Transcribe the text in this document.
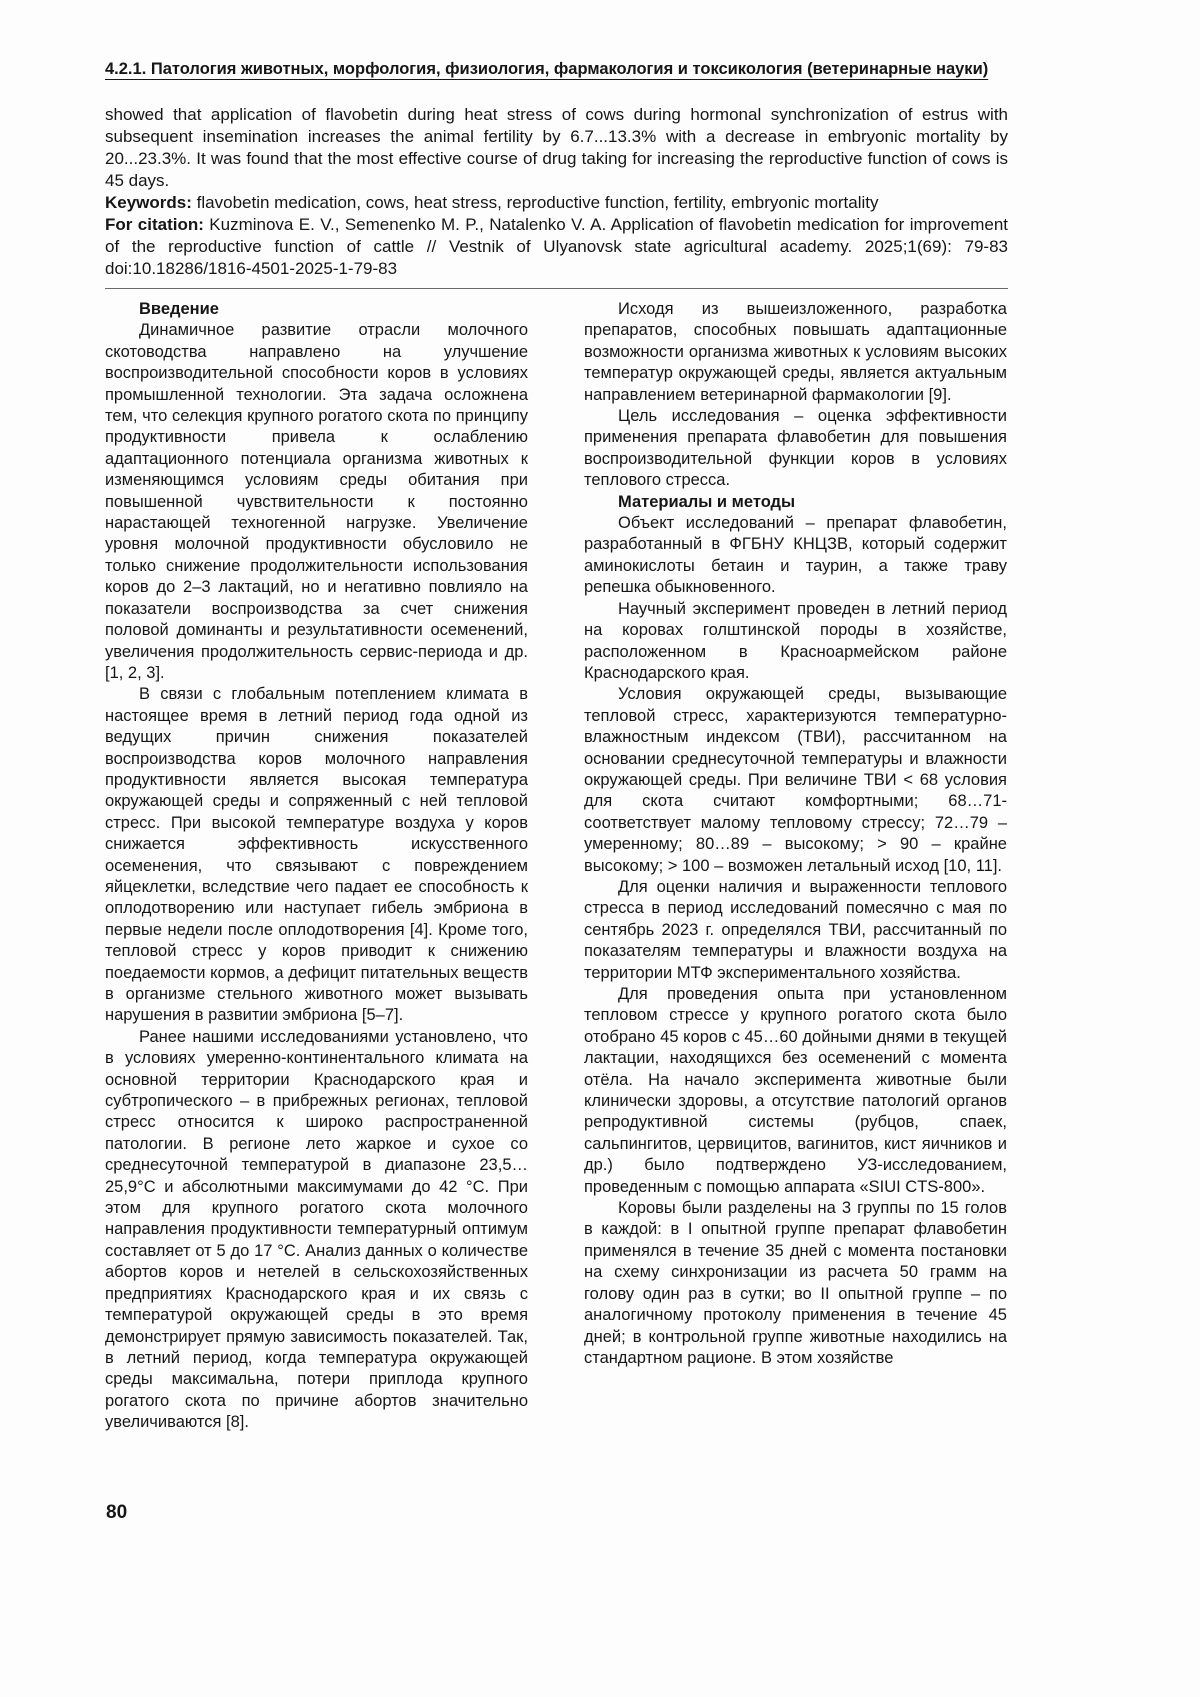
4.2.1. Патология животных, морфология, физиология, фармакология и токсикология (ветеринарные науки)

showed that application of flavobetin during heat stress of cows during hormonal synchronization of estrus with subsequent insemination increases the animal fertility by 6.7...13.3% with a decrease in embryonic mortality by 20...23.3%. It was found that the most effective course of drug taking for increasing the reproductive function of cows is 45 days.

Keywords: flavobetin medication, cows, heat stress, reproductive function, fertility, embryonic mortality

For citation: Kuzminova E. V., Semenenko M. P., Natalenko V. A. Application of flavobetin medication for improvement of the reproductive function of cattle // Vestnik of Ulyanovsk state agricultural academy. 2025;1(69): 79-83 doi:10.18286/1816-4501-2025-1-79-83

Введение

Динамичное развитие отрасли молочного скотоводства направлено на улучшение воспроизводительной способности коров в условиях промышленной технологии. Эта задача осложнена тем, что селекция крупного рогатого скота по принципу продуктивности привела к ослаблению адаптационного потенциала организма животных к изменяющимся условиям среды обитания при повышенной чувствительности к постоянно нарастающей техногенной нагрузке. Увеличение уровня молочной продуктивности обусловило не только снижение продолжительности использования коров до 2–3 лактаций, но и негативно повлияло на показатели воспроизводства за счет снижения половой доминанты и результативности осеменений, увеличения продолжительность сервис-периода и др. [1, 2, 3].

В связи с глобальным потеплением климата в настоящее время в летний период года одной из ведущих причин снижения показателей воспроизводства коров молочного направления продуктивности является высокая температура окружающей среды и сопряженный с ней тепловой стресс. При высокой температуре воздуха у коров снижается эффективность искусственного осеменения, что связывают с повреждением яйцеклетки, вследствие чего падает ее способность к оплодотворению или наступает гибель эмбриона в первые недели после оплодотворения [4]. Кроме того, тепловой стресс у коров приводит к снижению поедаемости кормов, а дефицит питательных веществ в организме стельного животного может вызывать нарушения в развитии эмбриона [5–7].

Ранее нашими исследованиями установлено, что в условиях умеренно-континентального климата на основной территории Краснодарского края и субтропического – в прибрежных регионах, тепловой стресс относится к широко распространенной патологии. В регионе лето жаркое и сухое со среднесуточной температурой в диапазоне 23,5…25,9°С и абсолютными максимумами до 42 °С. При этом для крупного рогатого скота молочного направления продуктивности температурный оптимум составляет от 5 до 17 °С. Анализ данных о количестве абортов коров и нетелей в сельскохозяйственных предприятиях Краснодарского края и их связь с температурой окружающей среды в это время демонстрирует прямую зависимость показателей. Так, в летний период, когда температура окружающей среды максимальна, потери приплода крупного рогатого скота по причине абортов значительно увеличиваются [8].

Исходя из вышеизложенного, разработка препаратов, способных повышать адаптационные возможности организма животных к условиям высоких температур окружающей среды, является актуальным направлением ветеринарной фармакологии [9].

Цель исследования – оценка эффективности применения препарата флавобетин для повышения воспроизводительной функции коров в условиях теплового стресса.

Материалы и методы

Объект исследований – препарат флавобетин, разработанный в ФГБНУ КНЦЗВ, который содержит аминокислоты бетаин и таурин, а также траву репешка обыкновенного.

Научный эксперимент проведен в летний период на коровах голштинской породы в хозяйстве, расположенном в Красноармейском районе Краснодарского края.

Условия окружающей среды, вызывающие тепловой стресс, характеризуются температурно-влажностным индексом (ТВИ), рассчитанном на основании среднесуточной температуры и влажности окружающей среды. При величине ТВИ < 68 условия для скота считают комфортными; 68…71- соответствует малому тепловому стрессу; 72…79 – умеренному; 80…89 – высокому; > 90 – крайне высокому; > 100 – возможен летальный исход [10, 11].

Для оценки наличия и выраженности теплового стресса в период исследований помесячно с мая по сентябрь 2023 г. определялся ТВИ, рассчитанный по показателям температуры и влажности воздуха на территории МТФ экспериментального хозяйства.

Для проведения опыта при установленном тепловом стрессе у крупного рогатого скота было отобрано 45 коров с 45…60 дойными днями в текущей лактации, находящихся без осеменений с момента отёла. На начало эксперимента животные были клинически здоровы, а отсутствие патологий органов репродуктивной системы (рубцов, спаек, сальпингитов, цервицитов, вагинитов, кист яичников и др.) было подтверждено УЗ-исследованием, проведенным с помощью аппарата «SIUI CTS-800».

Коровы были разделены на 3 группы по 15 голов в каждой: в I опытной группе препарат флавобетин применялся в течение 35 дней с момента постановки на схему синхронизации из расчета 50 грамм на голову один раз в сутки; во II опытной группе – по аналогичному протоколу применения в течение 45 дней; в контрольной группе животные находились на стандартном рационе. В этом хозяйстве

80
